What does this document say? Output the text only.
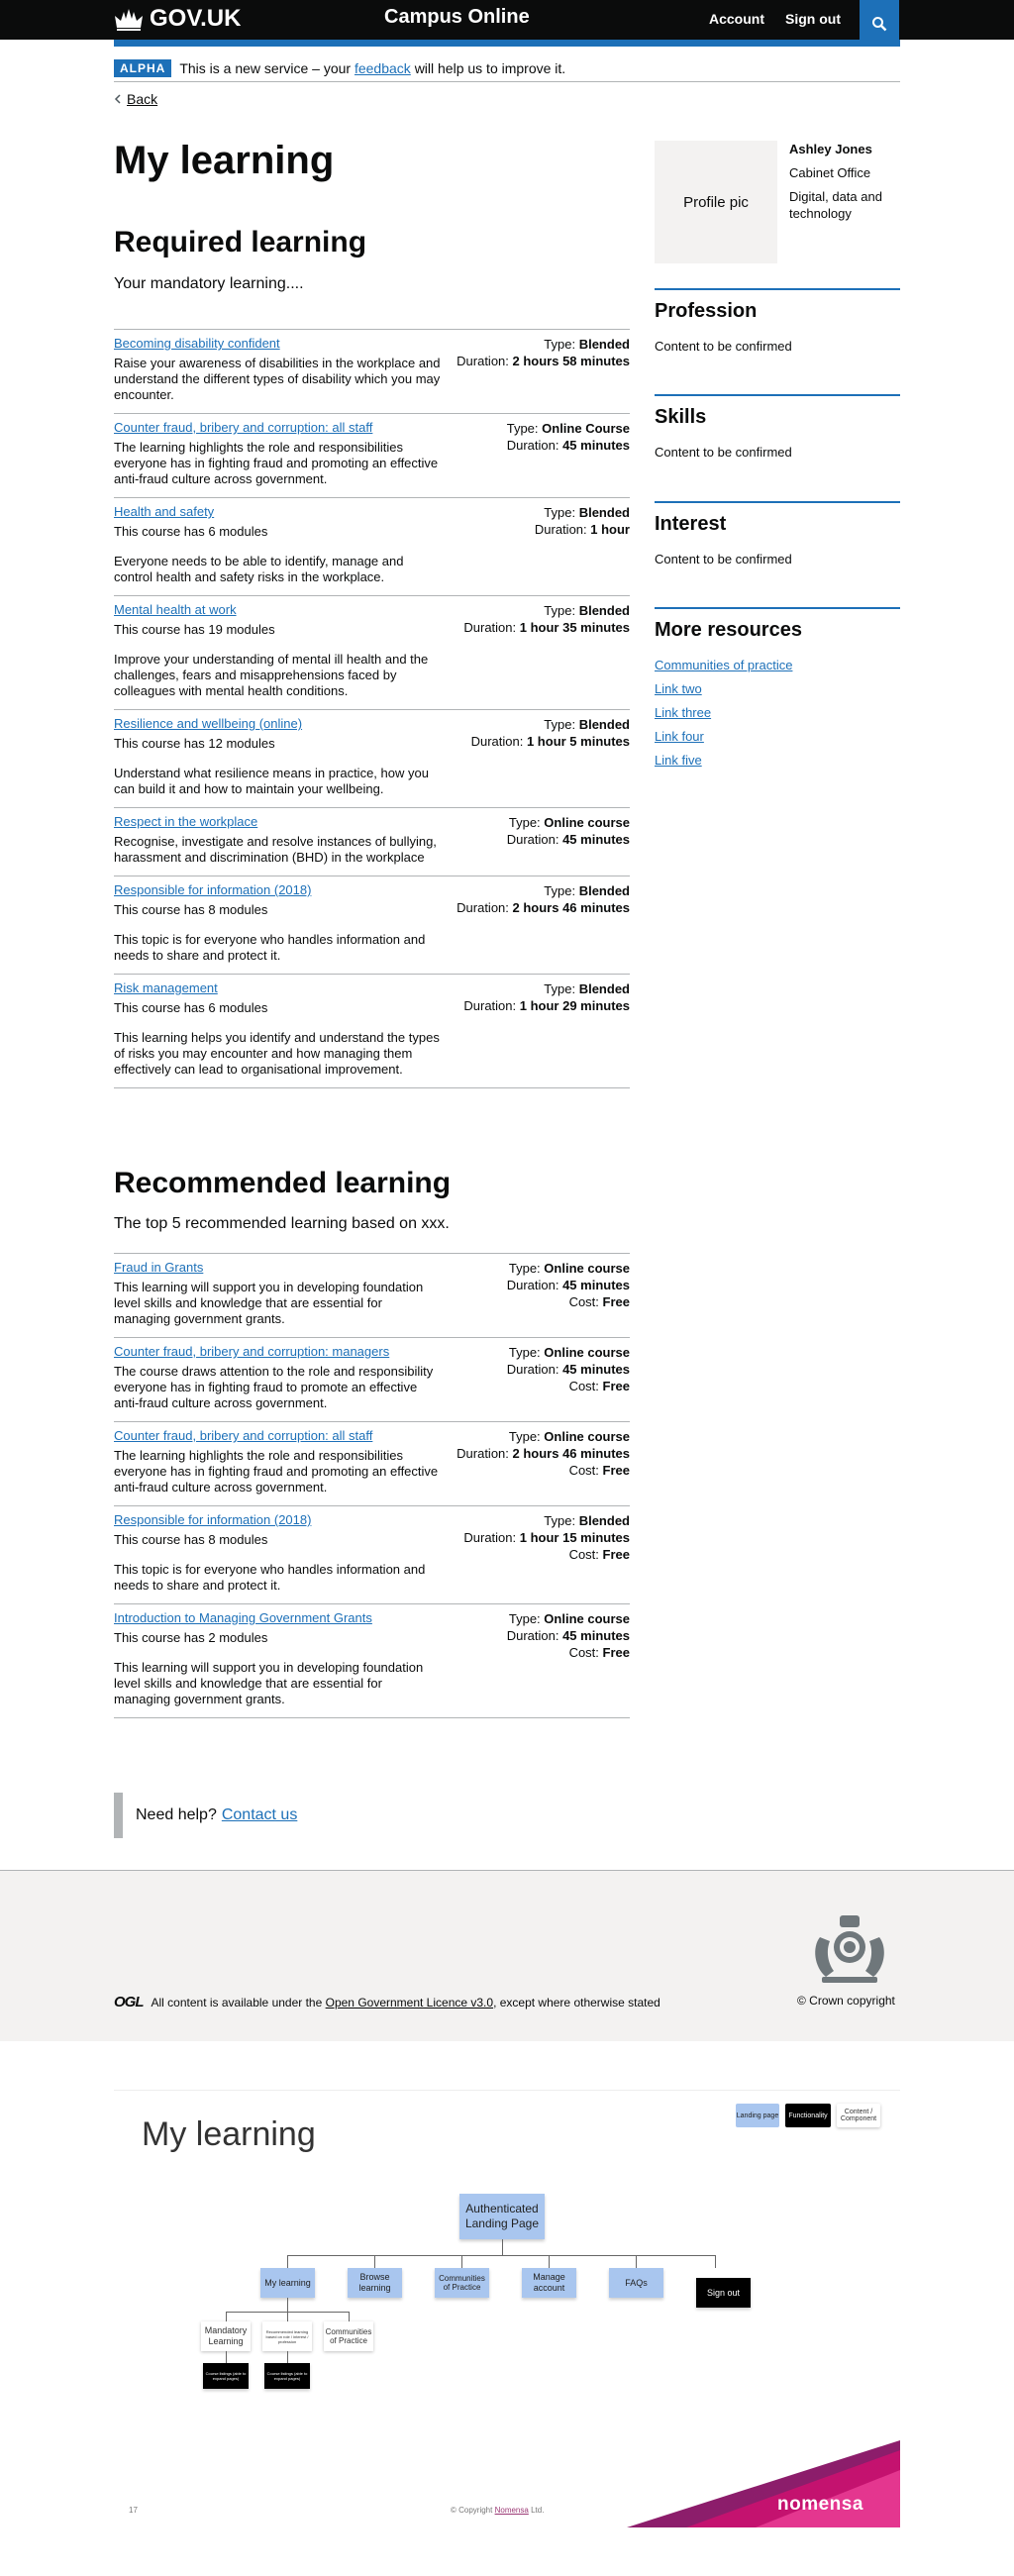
GOV.UK	Campus Online	Account Sign out
ALPHA	This is a new service – your feedback will help us to improve it.
Back
My learning
Required learning

Your mandatory learning....

Becoming disability confident

Raise your awareness of disabilities in the workplace and understand the different types of disability which you may encounter.

Type: Blended
Duration: 2 hours 58 minutes
Counter fraud, bribery and corruption: all staff

The learning highlights the role and responsibilities everyone has in fighting fraud and promoting an effective anti-fraud culture across government.

Type: Online Course
Duration: 45 minutes
Health and safety

This course has 6 modules

Everyone needs to be able to identify, manage and control health and safety risks in the workplace.

Type: Blended
Duration: 1 hour
Mental health at work

This course has 19 modules

Improve your understanding of mental ill health and the challenges, fears and misapprehensions faced by colleagues with mental health conditions.

Type: Blended
Duration: 1 hour 35 minutes
Resilience and wellbeing (online)

This course has 12 modules

Understand what resilience means in practice, how you can build it and how to maintain your wellbeing.

Type: Blended
Duration: 1 hour 5 minutes
Respect in the workplace

Recognise, investigate and resolve instances of bullying, harassment and discrimination (BHD) in the workplace

Type: Online course
Duration: 45 minutes
Responsible for information (2018)

This course has 8 modules

This topic is for everyone who handles information and needs to share and protect it.

Type: Blended
Duration: 2 hours 46 minutes
Risk management

This course has 6 modules

This learning helps you identify and understand the types of risks you may encounter and how managing them effectively can lead to organisational improvement.

Type: Blended
Duration: 1 hour 29 minutes
Recommended learning

The top 5 recommended learning based on xxx.

Fraud in Grants

This learning will support you in developing foundation level skills and knowledge that are essential for managing government grants.

Type: Online course
Duration: 45 minutes
Cost: Free
Counter fraud, bribery and corruption: managers

The course draws attention to the role and responsibility everyone has in fighting fraud to promote an effective anti-fraud culture across government.

Type: Online course
Duration: 45 minutes
Cost: Free
Counter fraud, bribery and corruption: all staff

The learning highlights the role and responsibilities everyone has in fighting fraud and promoting an effective anti-fraud culture across government.

Type: Online course
Duration: 2 hours 46 minutes
Cost: Free
Responsible for information (2018)

This course has 8 modules

This topic is for everyone who handles information and needs to share and protect it.

Type: Blended
Duration: 1 hour 15 minutes
Cost: Free
Introduction to Managing Government Grants

This course has 2 modules

This learning will support you in developing foundation level skills and knowledge that are essential for managing government grants.

Type: Online course
Duration: 45 minutes
Cost: Free
Profile pic
Ashley Jones
Cabinet Office
Digital, data and technology
Profession

Content to be confirmed

Skills

Content to be confirmed

Interest

Content to be confirmed

More resources
Communities of practice
Link two
Link three
Link four
Link five
Need help? Contact us
OGL All content is available under the Open Government Licence v3.0, except where otherwise stated	© Crown copyright
My learning	Landing page	Functionality	Content / Component
Authenticated Landing Page
My learning
Browse learning
Communities of Practice
Manage account
FAQs
Sign out
Mandatory Learning
Recommended learning based on role / interest / profession
Communities of Practice
Course listings (able to expand pages)
Course listings (able to expand pages)
17	© Copyright Nomensa Ltd.	nomensa
